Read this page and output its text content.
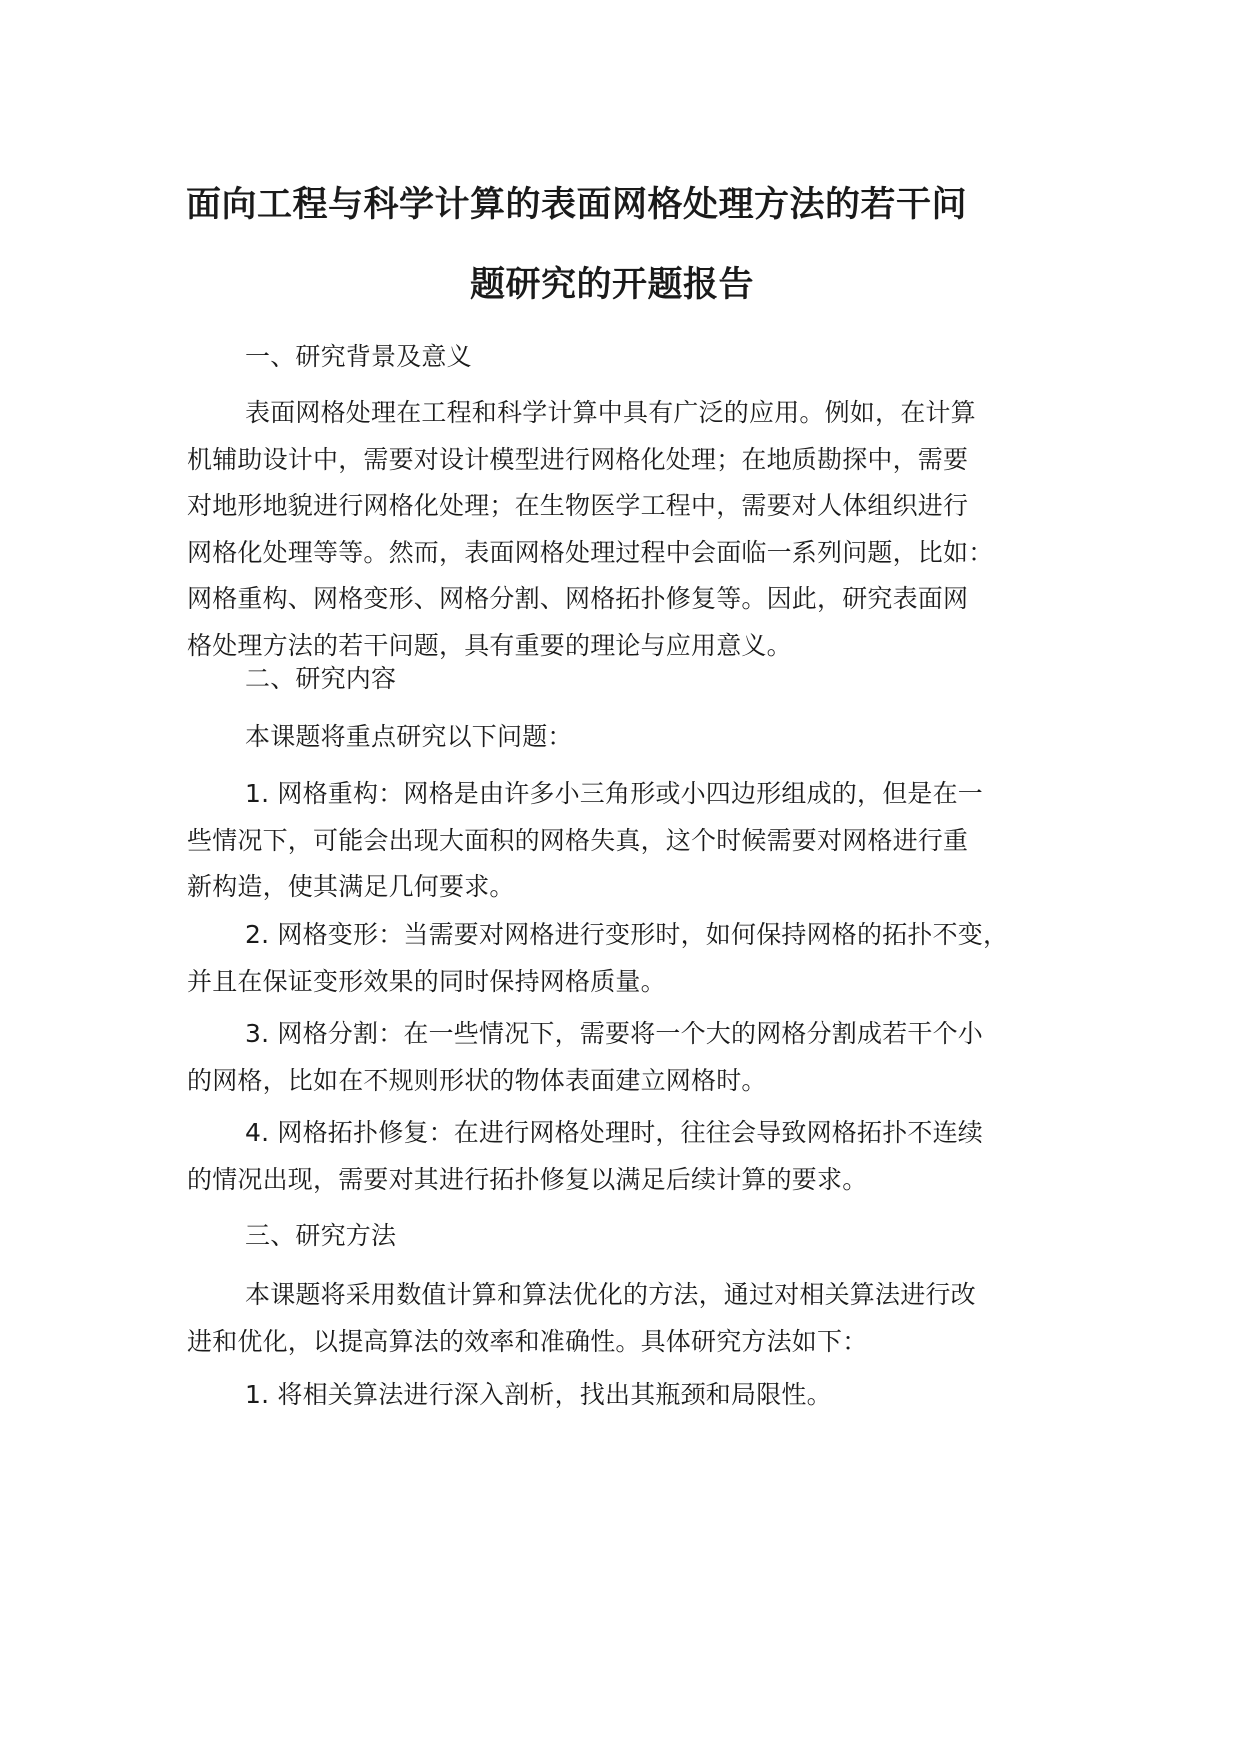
面向工程与科学计算的表面网格处理方法的若干问
题研究的开题报告
一、研究背景及意义
表面网格处理在工程和科学计算中具有广泛的应用。例如，在计算
机辅助设计中，需要对设计模型进行网格化处理；在地质勘探中，需要
对地形地貌进行网格化处理；在生物医学工程中，需要对人体组织进行
网格化处理等等。然而，表面网格处理过程中会面临一系列问题，比如：
网格重构、网格变形、网格分割、网格拓扑修复等。因此，研究表面网
格处理方法的若干问题，具有重要的理论与应用意义。
二、研究内容
本课题将重点研究以下问题：
1. 网格重构：网格是由许多小三角形或小四边形组成的，但是在一
些情况下，可能会出现大面积的网格失真，这个时候需要对网格进行重
新构造，使其满足几何要求。
2. 网格变形：当需要对网格进行变形时，如何保持网格的拓扑不变，
并且在保证变形效果的同时保持网格质量。
3. 网格分割：在一些情况下，需要将一个大的网格分割成若干个小
的网格，比如在不规则形状的物体表面建立网格时。
4. 网格拓扑修复：在进行网格处理时，往往会导致网格拓扑不连续
的情况出现，需要对其进行拓扑修复以满足后续计算的要求。
三、研究方法
本课题将采用数值计算和算法优化的方法，通过对相关算法进行改
进和优化，以提高算法的效率和准确性。具体研究方法如下：
1. 将相关算法进行深入剖析，找出其瓶颈和局限性。
